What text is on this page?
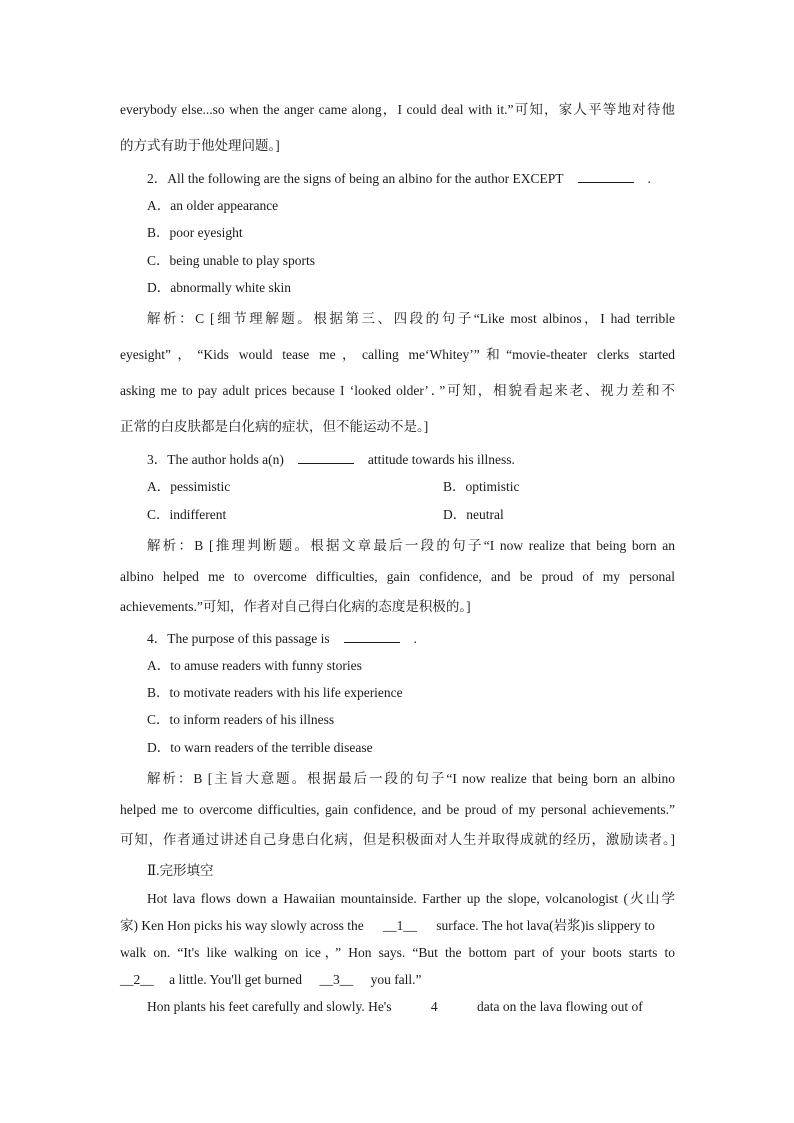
everybody else...so when the anger came along，I could deal with it.”可知，家人平等地对待他
的方式有助于他处理问题。]
2．All the following are the signs of being an albino for the author EXCEPT	.
A．an older appearance
B．poor eyesight
C．being unable to play sports
D．abnormally white skin
解析：C [细节理解题。根据第三、四段的句子“Like most albinos，I had terrible
eyesight”，“Kids would tease me，calling me‘Whitey’”和“movie-theater clerks started
asking me to pay adult prices because I ‘looked older’．”可知，相貌看起来老、视力差和不
正常的白皮肤都是白化病的症状，但不能运动不是。]
3．The author holds a(n)	attitude towards his illness.
A．pessimistic	B．optimistic
C．indifferent	D．neutral
解析：B [推理判断题。根据文章最后一段的句子“I now realize that being born an
albino helped me to overcome difficulties, gain confidence, and be proud of my personal
achievements.”可知，作者对自己得白化病的态度是积极的。]
4．The purpose of this passage is	.
A．to amuse readers with funny stories
B．to motivate readers with his life experience
C．to inform readers of his illness
D．to warn readers of the terrible disease
解析：B [主旨大意题。根据最后一段的句子“I now realize that being born an albino
helped me to overcome difficulties, gain confidence, and be proud of my personal achievements.”
可知，作者通过讲述自己身患白化病，但是积极面对人生并取得成就的经历，激励读者。]
Ⅱ.完形填空
Hot lava flows down a Hawaiian mountainside. Farther up the slope, volcanologist (火山学
家) Ken Hon picks his way slowly across the __1__ surface. The hot lava(岩浆)is slippery to
walk on. “It's like walking on ice，” Hon says. “But the bottom part of your boots starts to
__2__ a little. You'll get burned __3__ you fall.”
Hon plants his feet carefully and slowly. He's	4	data on the lava flowing out of
